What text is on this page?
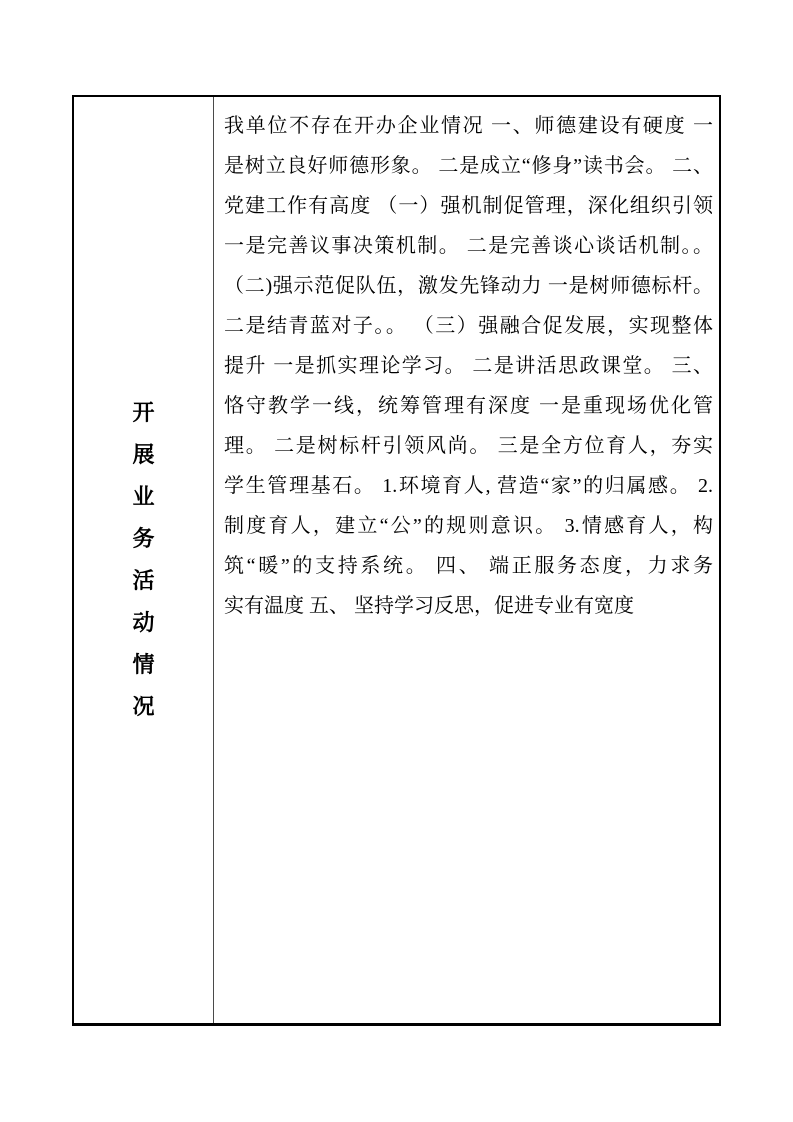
开
展
业
务
活
动
情
况
我单位不存在开办企业情况 一、师德建设有硬度 一
是树立良好师德形象。 二是成立“修身”读书会。 二、
党建工作有高度 （一）强机制促管理，深化组织引领
一是完善议事决策机制。 二是完善谈心谈话机制。。
（二)强示范促队伍，激发先锋动力 一是树师德标杆。
二是结青蓝对子。。 （三）强融合促发展，实现整体
提升 一是抓实理论学习。 二是讲活思政课堂。 三、
恪守教学一线，统筹管理有深度 一是重现场优化管
理。 二是树标杆引领风尚。 三是全方位育人，夯实
学生管理基石。 1.环境育人, 营造“家”的归属感。 2.
制度育人，建立“公”的规则意识。 3.情感育人，构
筑“暖”的支持系统。 四、 端正服务态度，力求务
实有温度 五、 坚持学习反思，促进专业有宽度
